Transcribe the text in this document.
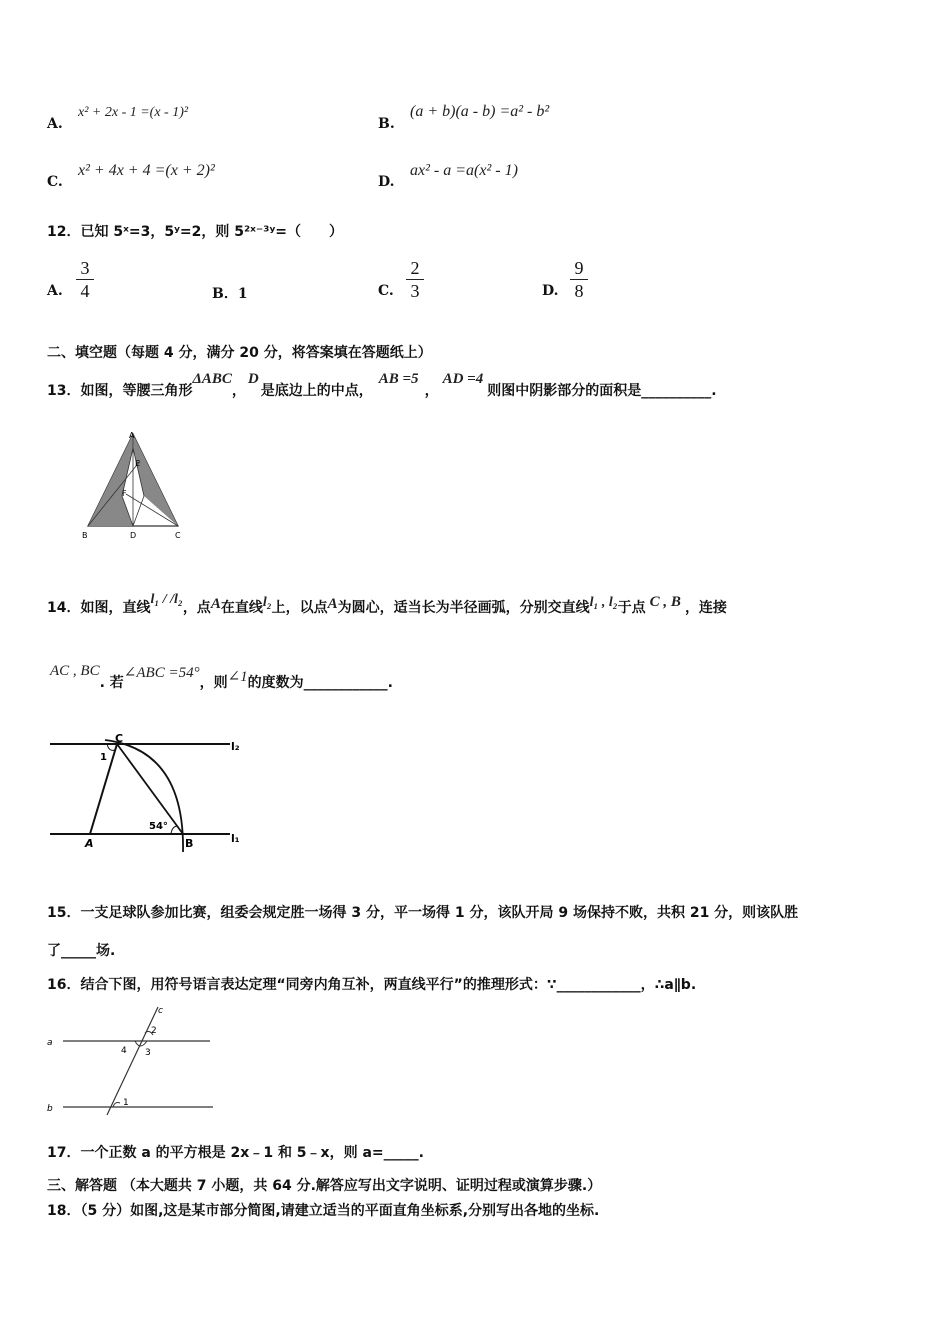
A.
x² + 2x - 1 =(x - 1)²
B.
(a + b)(a - b) =a² - b²
C.
x² + 4x + 4 =(x + 2)²
D.
ax² - a =a(x² - 1)
12．已知 5ˣ=3，5ʸ=2，则 5²ˣ⁻³ʸ=（　　）
A.
3
4	B．1	C.
2
3	D.
9
8
二、填空题（每题 4 分，满分 20 分，将答案填在答题纸上）
13．如图，等腰三角形ΔABC，D是底边上的中点，AB =5，AD =4则图中阴影部分的面积是__________.
A
E
F
B	D	C
14．如图，直线l₁ / /l₂，点A在直线l₂上，以点A为圆心，适当长为半径画弧，分别交直线l₁ , l₂于点 C , B ，连接
AC , BC. 若∠ABC =54°，则∠1的度数为____________.
C
l₂
1
54°
A	B	l₁
15．一支足球队参加比赛，组委会规定胜一场得 3 分，平一场得 1 分，该队开局 9 场保持不败，共积 21 分，则该队胜
了_____场.
16．结合下图，用符号语言表达定理“同旁内角互补，两直线平行”的推理形式：∵____________，∴a∥b.
c
2
a
4 3
b
1
17．一个正数 a 的平方根是 2x﹣1 和 5﹣x，则 a=_____.
三、解答题 （本大题共 7 小题，共 64 分.解答应写出文字说明、证明过程或演算步骤.）
18．（5 分）如图,这是某市部分简图,请建立适当的平面直角坐标系,分别写出各地的坐标.
